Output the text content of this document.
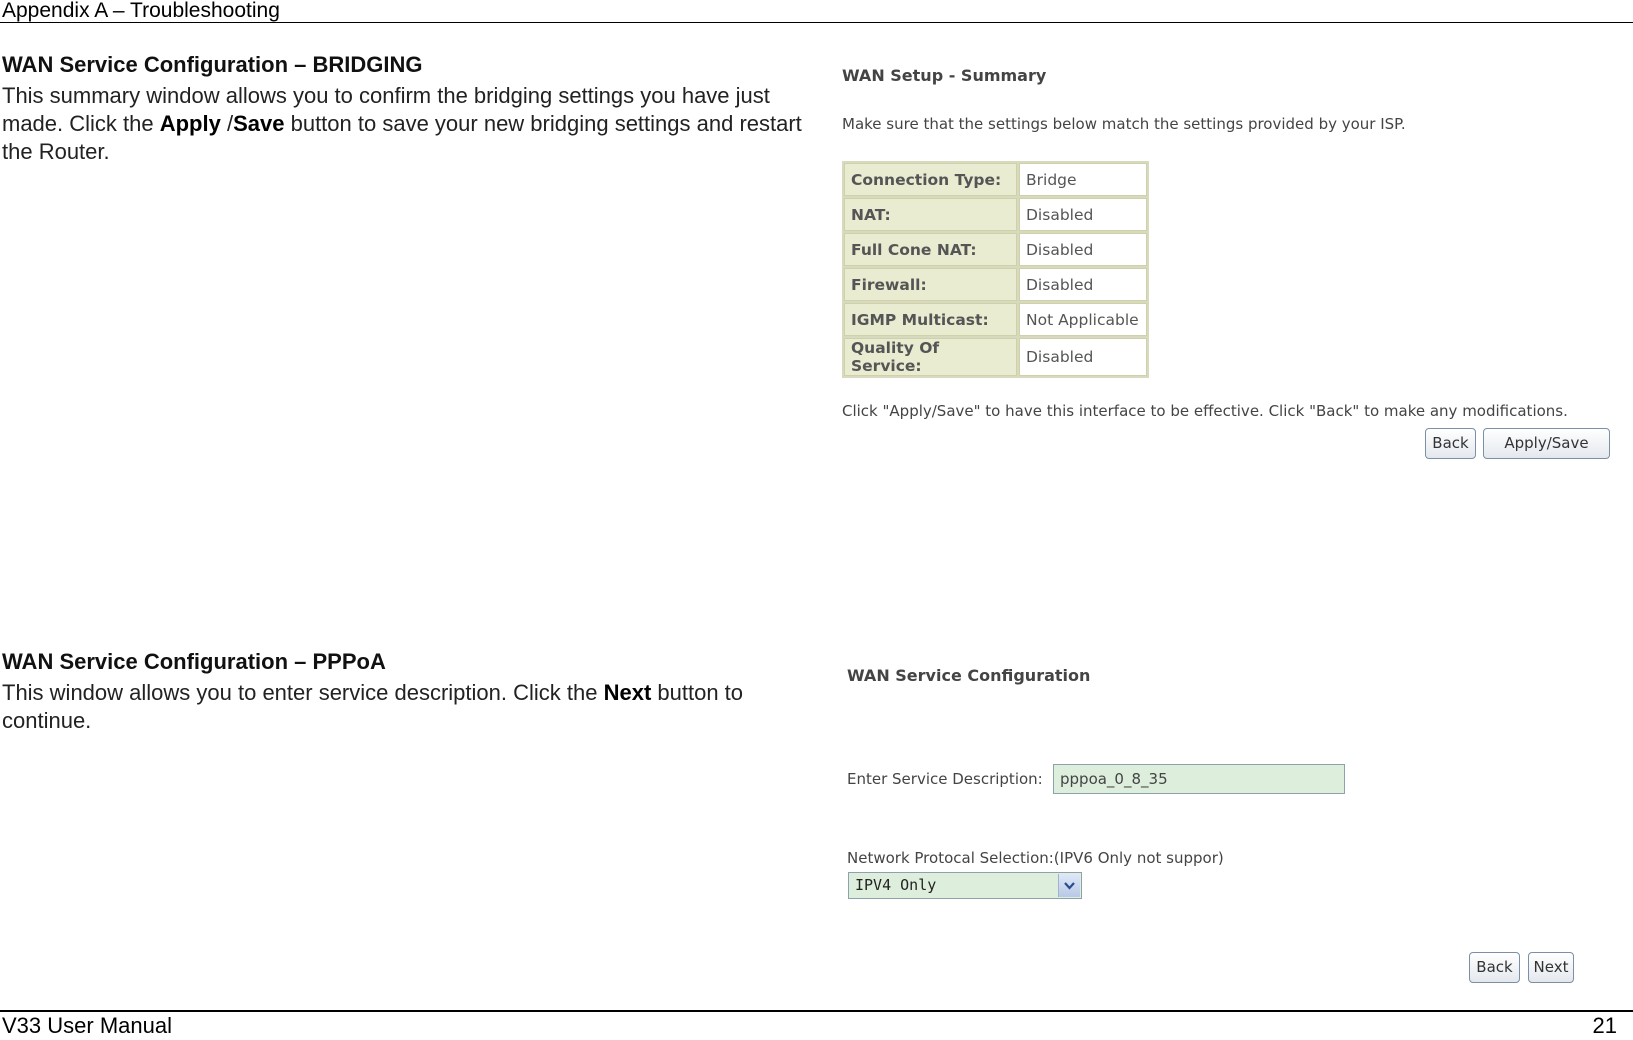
Appendix A – Troubleshooting

WAN Service Configuration – BRIDGING

This summary window allows you to confirm the bridging settings you have just made. Click the Apply /Save button to save your new bridging settings and restart the Router.

WAN Setup - Summary
Make sure that the settings below match the settings provided by your ISP.
Connection Type:	Bridge
NAT:	Disabled
Full Cone NAT:	Disabled
Firewall:	Disabled
IGMP Multicast:	Not Applicable
Quality Of Service:	Disabled
Click "Apply/Save" to have this interface to be effective. Click "Back" to make any modifications.
Back	Apply/Save

WAN Service Configuration – PPPoA

This window allows you to enter service description. Click the Next button to continue.

WAN Service Configuration
Enter Service Description:	pppoa_0_8_35
Network Protocal Selection:(IPV6 Only not suppor)
IPV4 Only
Back	Next
V33 User Manual	21
